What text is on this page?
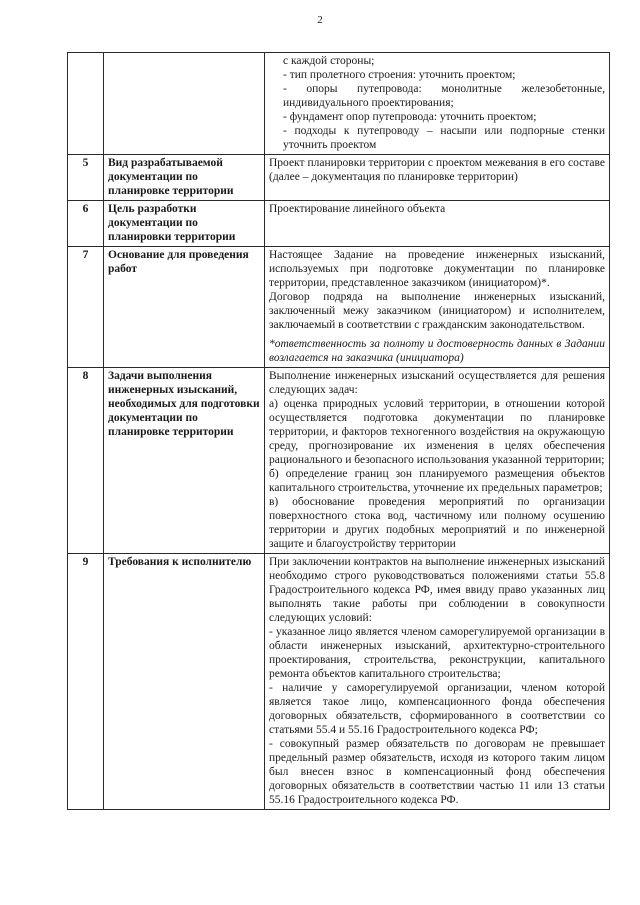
2

		с каждой стороны;
- тип пролетного строения: уточнить проектом;
- опоры путепровода: монолитные железобетонные, индивидуального проектирования;
- фундамент опор путепровода: уточнить проектом;
- подходы к путепроводу – насыпи или подпорные стенки уточнить проектом

5	Вид разрабатываемой документации по планировке территории	Проект планировки территории с проектом межевания в его составе (далее – документация по планировке территории)
6	Цель разработки документации по планировки территории	Проектирование линейного объекта
7	Основание для проведения работ	Настоящее Задание на проведение инженерных изысканий, используемых при подготовке документации по планировке территории, представленное заказчиком (инициатором)*.
Договор подряда на выполнение инженерных изысканий, заключенный межу заказчиком (инициатором) и исполнителем, заключаемый в соответствии с гражданским законодательством.
*ответственность за полноту и достоверность данных в Задании возлагается на заказчика (инициатора)

8	Задачи выполнения инженерных изысканий, необходимых для подготовки документации по планировке территории	Выполнение инженерных изысканий осуществляется для решения следующих задач:
а) оценка природных условий территории, в отношении которой осуществляется подготовка документации по планировке территории, и факторов техногенного воздействия на окружающую среду, прогнозирование их изменения в целях обеспечения рационального и безопасного использования указанной территории;
б) определение границ зон планируемого размещения объектов капитального строительства, уточнение их предельных параметров;
в) обоснование проведения мероприятий по организации поверхностного стока вод, частичному или полному осушению территории и других подобных мероприятий и по инженерной защите и благоустройству территории

9	Требования к исполнителю	При заключении контрактов на выполнение инженерных изысканий необходимо строго руководствоваться положениями статьи 55.8 Градостроительного кодекса РФ, имея ввиду право указанных лиц выполнять такие работы при соблюдении в совокупности следующих условий:
- указанное лицо является членом саморегулируемой организации в области инженерных изысканий, архитектурно-строительного проектирования, строительства, реконструкции, капитального ремонта объектов капитального строительства;
- наличие у саморегулируемой организации, членом которой является такое лицо, компенсационного фонда обеспечения договорных обязательств, сформированного в соответствии со статьями 55.4 и 55.16 Градостроительного кодекса РФ;
- совокупный размер обязательств по договорам не превышает предельный размер обязательств, исходя из которого таким лицом был внесен взнос в компенсационный фонд обеспечения договорных обязательств в соответствии частью 11 или 13 статьи 55.16 Градостроительного кодекса РФ.
